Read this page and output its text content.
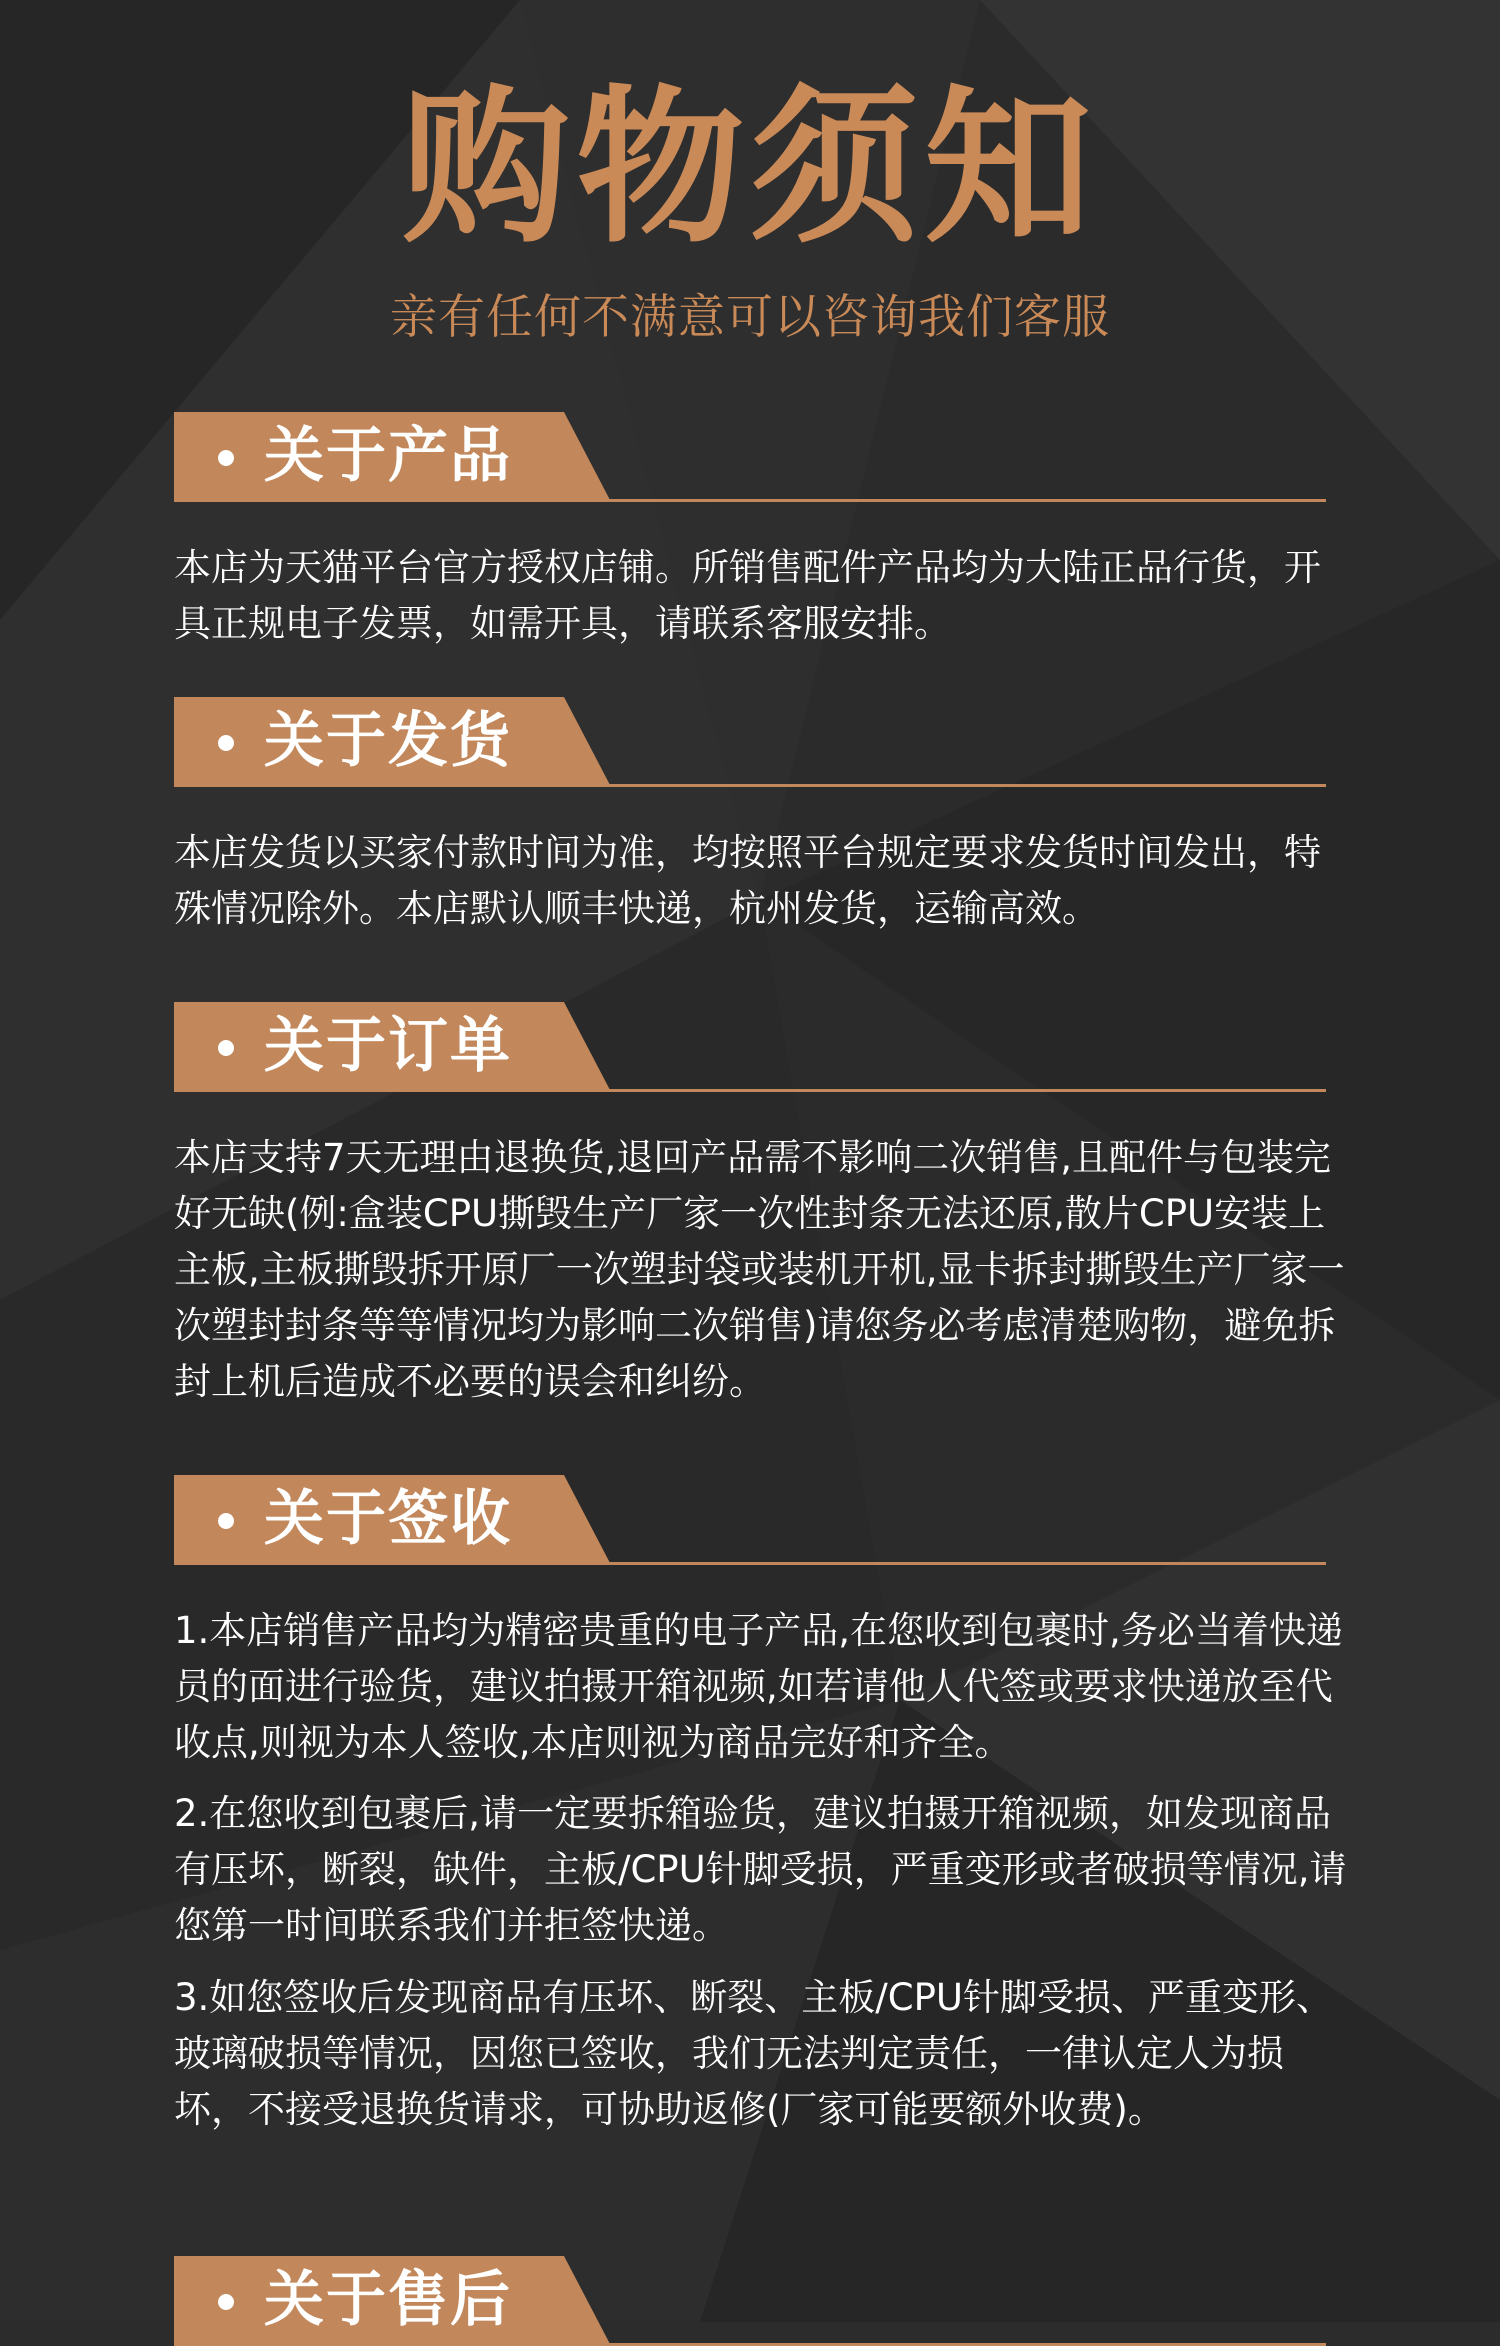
购物须知
亲有任何不满意可以咨询我们客服
关于产品
本店为天猫平台官方授权店铺。所销售配件产品均为大陆正品行货，开具正规电子发票，如需开具，请联系客服安排。
关于发货
本店发货以买家付款时间为准，均按照平台规定要求发货时间发出，特殊情况除外。本店默认顺丰快递，杭州发货，运输高效。
关于订单
本店支持7天无理由退换货,退回产品需不影响二次销售,且配件与包装完好无缺(例:盒装CPU撕毁生产厂家一次性封条无法还原,散片CPU安装上主板,主板撕毁拆开原厂一次塑封袋或装机开机,显卡拆封撕毁生产厂家一次塑封封条等等情况均为影响二次销售)请您务必考虑清楚购物，避免拆封上机后造成不必要的误会和纠纷。
关于签收
1.本店销售产品均为精密贵重的电子产品,在您收到包裹时,务必当着快递员的面进行验货，建议拍摄开箱视频,如若请他人代签或要求快递放至代收点,则视为本人签收,本店则视为商品完好和齐全。
2.在您收到包裹后,请一定要拆箱验货，建议拍摄开箱视频，如发现商品有压坏，断裂，缺件，主板/CPU针脚受损，严重变形或者破损等情况,请您第一时间联系我们并拒签快递。
3.如您签收后发现商品有压坏、断裂、主板/CPU针脚受损、严重变形、玻璃破损等情况，因您已签收，我们无法判定责任，一律认定人为损坏，不接受退换货请求，可协助返修(厂家可能要额外收费)。
关于售后
